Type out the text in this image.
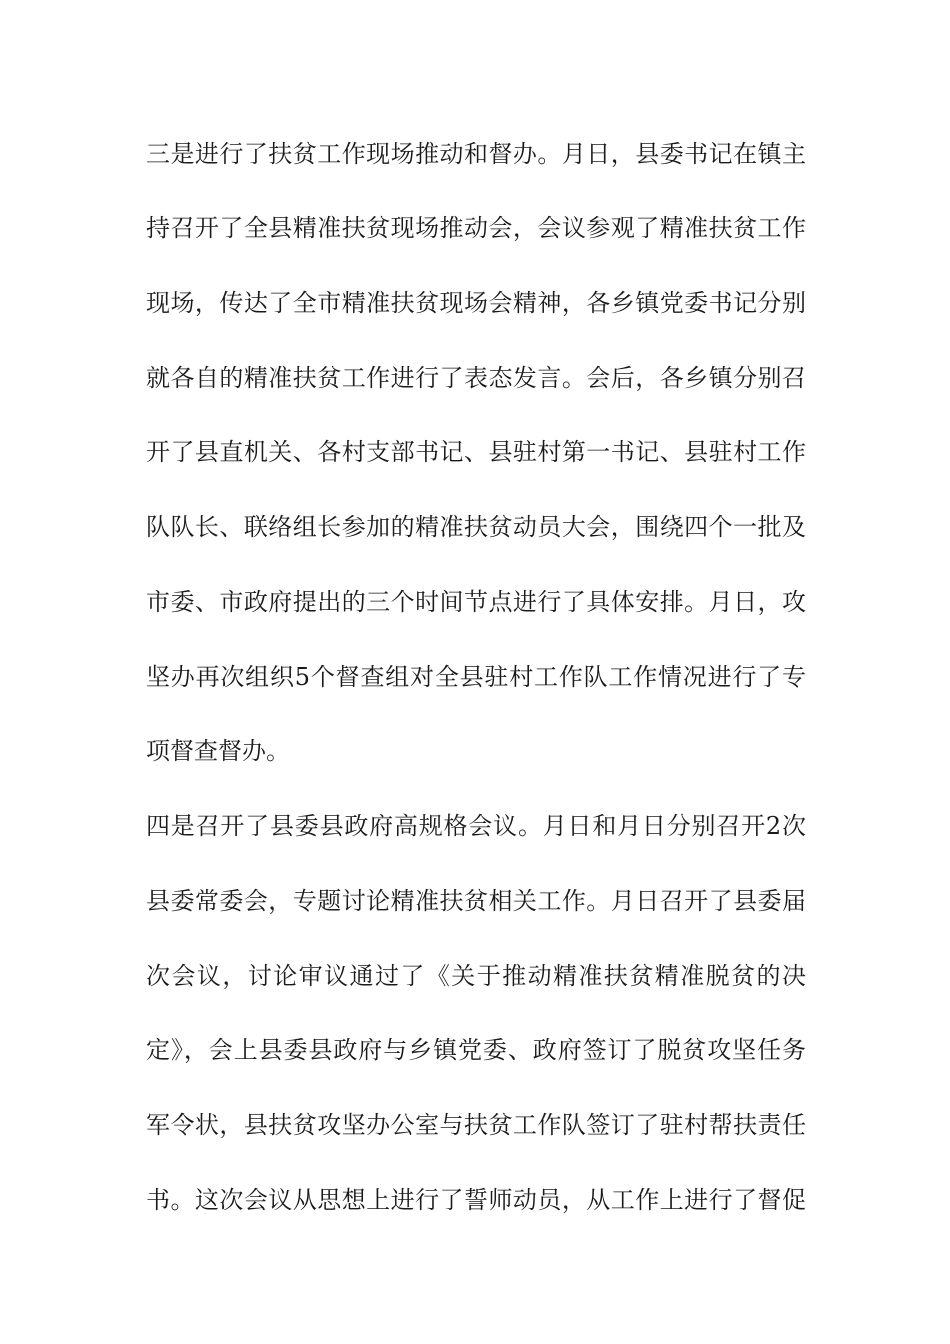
三是进行了扶贫工作现场推动和督办。月日，县委书记在镇主
持召开了全县精准扶贫现场推动会，会议参观了精准扶贫工作
现场，传达了全市精准扶贫现场会精神，各乡镇党委书记分别
就各自的精准扶贫工作进行了表态发言。会后，各乡镇分别召
开了县直机关、各村支部书记、县驻村第一书记、县驻村工作
队队长、联络组长参加的精准扶贫动员大会，围绕四个一批及
市委、市政府提出的三个时间节点进行了具体安排。月日，攻
坚办再次组织5个督查组对全县驻村工作队工作情况进行了专
项督查督办。
四是召开了县委县政府高规格会议。月日和月日分别召开2次
县委常委会，专题讨论精准扶贫相关工作。月日召开了县委届
次会议，讨论审议通过了《关于推动精准扶贫精准脱贫的决
定》，会上县委县政府与乡镇党委、政府签订了脱贫攻坚任务
军令状，县扶贫攻坚办公室与扶贫工作队签订了驻村帮扶责任
书。这次会议从思想上进行了誓师动员，从工作上进行了督促
